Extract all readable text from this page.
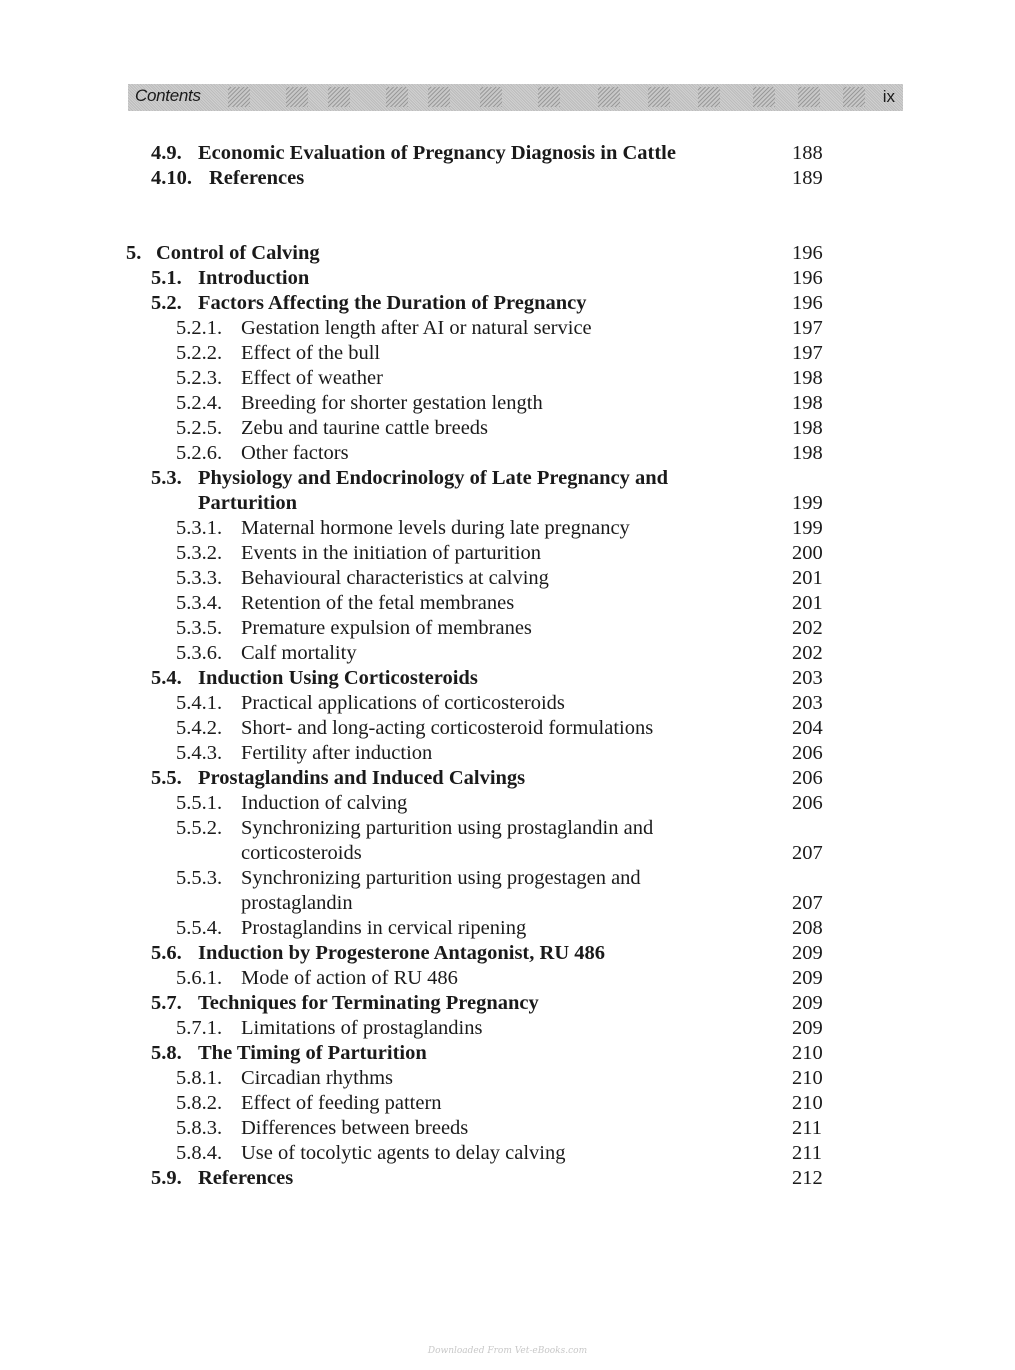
Contents	ix
4.9. Economic Evaluation of Pregnancy Diagnosis in Cattle	188
4.10. References	189
5. Control of Calving	196
5.1. Introduction	196
5.2. Factors Affecting the Duration of Pregnancy	196
5.2.1. Gestation length after AI or natural service	197
5.2.2. Effect of the bull	197
5.2.3. Effect of weather	198
5.2.4. Breeding for shorter gestation length	198
5.2.5. Zebu and taurine cattle breeds	198
5.2.6. Other factors	198
5.3. Physiology and Endocrinology of Late Pregnancy and
Parturition	199
5.3.1. Maternal hormone levels during late pregnancy	199
5.3.2. Events in the initiation of parturition	200
5.3.3. Behavioural characteristics at calving	201
5.3.4. Retention of the fetal membranes	201
5.3.5. Premature expulsion of membranes	202
5.3.6. Calf mortality	202
5.4. Induction Using Corticosteroids	203
5.4.1. Practical applications of corticosteroids	203
5.4.2. Short- and long-acting corticosteroid formulations	204
5.4.3. Fertility after induction	206
5.5. Prostaglandins and Induced Calvings	206
5.5.1. Induction of calving	206
5.5.2. Synchronizing parturition using prostaglandin and
corticosteroids	207
5.5.3. Synchronizing parturition using progestagen and
prostaglandin	207
5.5.4. Prostaglandins in cervical ripening	208
5.6. Induction by Progesterone Antagonist, RU 486	209
5.6.1. Mode of action of RU 486	209
5.7. Techniques for Terminating Pregnancy	209
5.7.1. Limitations of prostaglandins	209
5.8. The Timing of Parturition	210
5.8.1. Circadian rhythms	210
5.8.2. Effect of feeding pattern	210
5.8.3. Differences between breeds	211
5.8.4. Use of tocolytic agents to delay calving	211
5.9. References	212
Downloaded From Vet-eBooks.com
